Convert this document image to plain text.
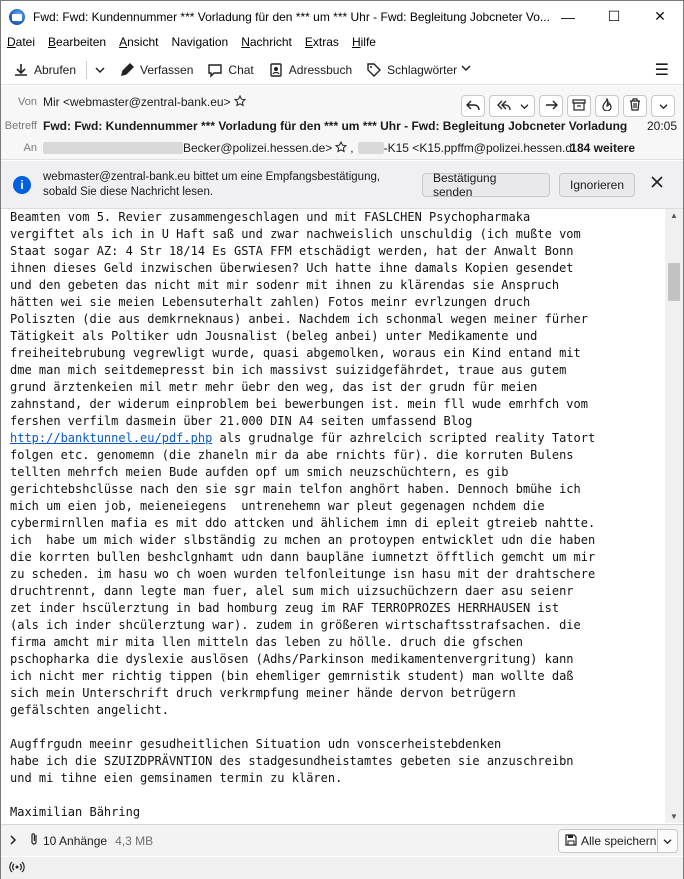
Fwd: Fwd: Kundennummer *** Vorladung für den *** um *** Uhr - Fwd: Begleitung Jobcneter Vo... —	☐	✕
Datei Bearbeiten Ansicht Navigation Nachricht Extras Hilfe
Abrufen	Verfassen	Chat	Adressbuch	Schlagwörter	☰
Von Mir <webmaster@zentral-bank.eu>
Betreff Fwd: Fwd: Kundennummer *** Vorladung für den *** um *** Uhr - Fwd: Begleitung Jobcneter Vorladung 20:05
An	Becker@polizei.hessen.de> ,	-K15 <K15.ppffm@polizei.hessen.d
184 weitere
i
webmaster@zentral-bank.eu bittet um eine Empfangsbestätigung, sobald Sie diese Nachricht lesen.
Bestätigung senden	Ignorieren
Beamten vom 5. Revier zusammengeschlagen und mit FASLCHEN Psychopharmaka
vergiftet als ich in U Haft saß und zwar nachweislich unschuldig (ich mußte vom
Staat sogar AZ: 4 Str 18/14 Es GSTA FFM etschädigt werden, hat der Anwalt Bonn
ihnen dieses Geld inzwischen überwiesen? Uch hatte ihne damals Kopien gesendet
und den gebeten das nicht mit mir sodenr mit ihnen zu klärendas sie Anspruch
hätten wei sie meien Lebensuterhalt zahlen) Fotos meinr evrlzungen druch
Poliszten (die aus demkrneknaus) anbei. Nachdem ich schonmal wegen meiner fürher
Tätigkeit als Poltiker udn Jousnalist (beleg anbei) unter Medikamente und
freiheitebrubung vegrewligt wurde, quasi abgemolken, woraus ein Kind entand mit
dme man mich seitdemepresst bin ich massivst suizidgefährdet, traue aus gutem
grund ärztenkeien mil metr mehr üebr den weg, das ist der grudn für meien
zahnstand, der widerum einproblem bei bewerbungen ist. mein fll wude emrhfch vom
fershen verfilm dasmein über 21.000 DIN A4 seiten umfassend Blog
http://banktunnel.eu/pdf.php als grudnalge für azhrelcich scripted reality Tatort
folgen etc. genomemn (die zhaneln mir da abe rnichts für). die korruten Bulens
tellten mehrfch meien Bude aufden opf um smich neuzschüchtern, es gib
gerichtebshclüsse nach den sie sgr main telfon anghört haben. Dennoch bmühe ich
mich um eien job, meieneiegens  untrenehemn war pleut gegenagen nchdem die
cybermirnllen mafia es mit ddo attcken und ählichem imn di epleit gtreieb nahtte.
ich  habe um mich wider slbständig zu mchen an protoypen entwicklet udn die haben
die korrten bullen beshclgnhamt udn dann baupläne iumnetzt öfftlich gemcht um mir
zu scheden. im hasu wo ch woen wurden telfonleitunge isn hasu mit der drahtschere
druchtrennt, dann legte man fuer, alel sum mich uizsuchüchzern daer asu seienr
zet inder hscülerztung in bad homburg zeug im RAF TERROPROZES HERRHAUSEN ist
(als ich inder shcülerztung war). zudem in größeren wirtschaftsstrafsachen. die
firma amcht mir mita llen mitteln das leben zu hölle. druch die gfschen
pschopharka die dyslexie auslösen (Adhs/Parkinson medikamentenvergritung) kann
ich nicht mer richtig tippen (bin ehemliger gemrnistik student) man wollte daß
sich mein Unterschrift druch verkrmpfung meiner hände dervon betrügern
gefälschten angelicht.

Augffrgudn meeinr gesudheitlichen Situation udn vonscerheistebdenken
habe ich die SZUIZDPRÄVNTION des stadgesundheistamtes gebeten sie anzuschreibn
und mi tihne eien gemsinamen termin zu klären.

Maximilian Bähring
▲
▼
10 Anhänge 4,3 MB	Alle speichern
